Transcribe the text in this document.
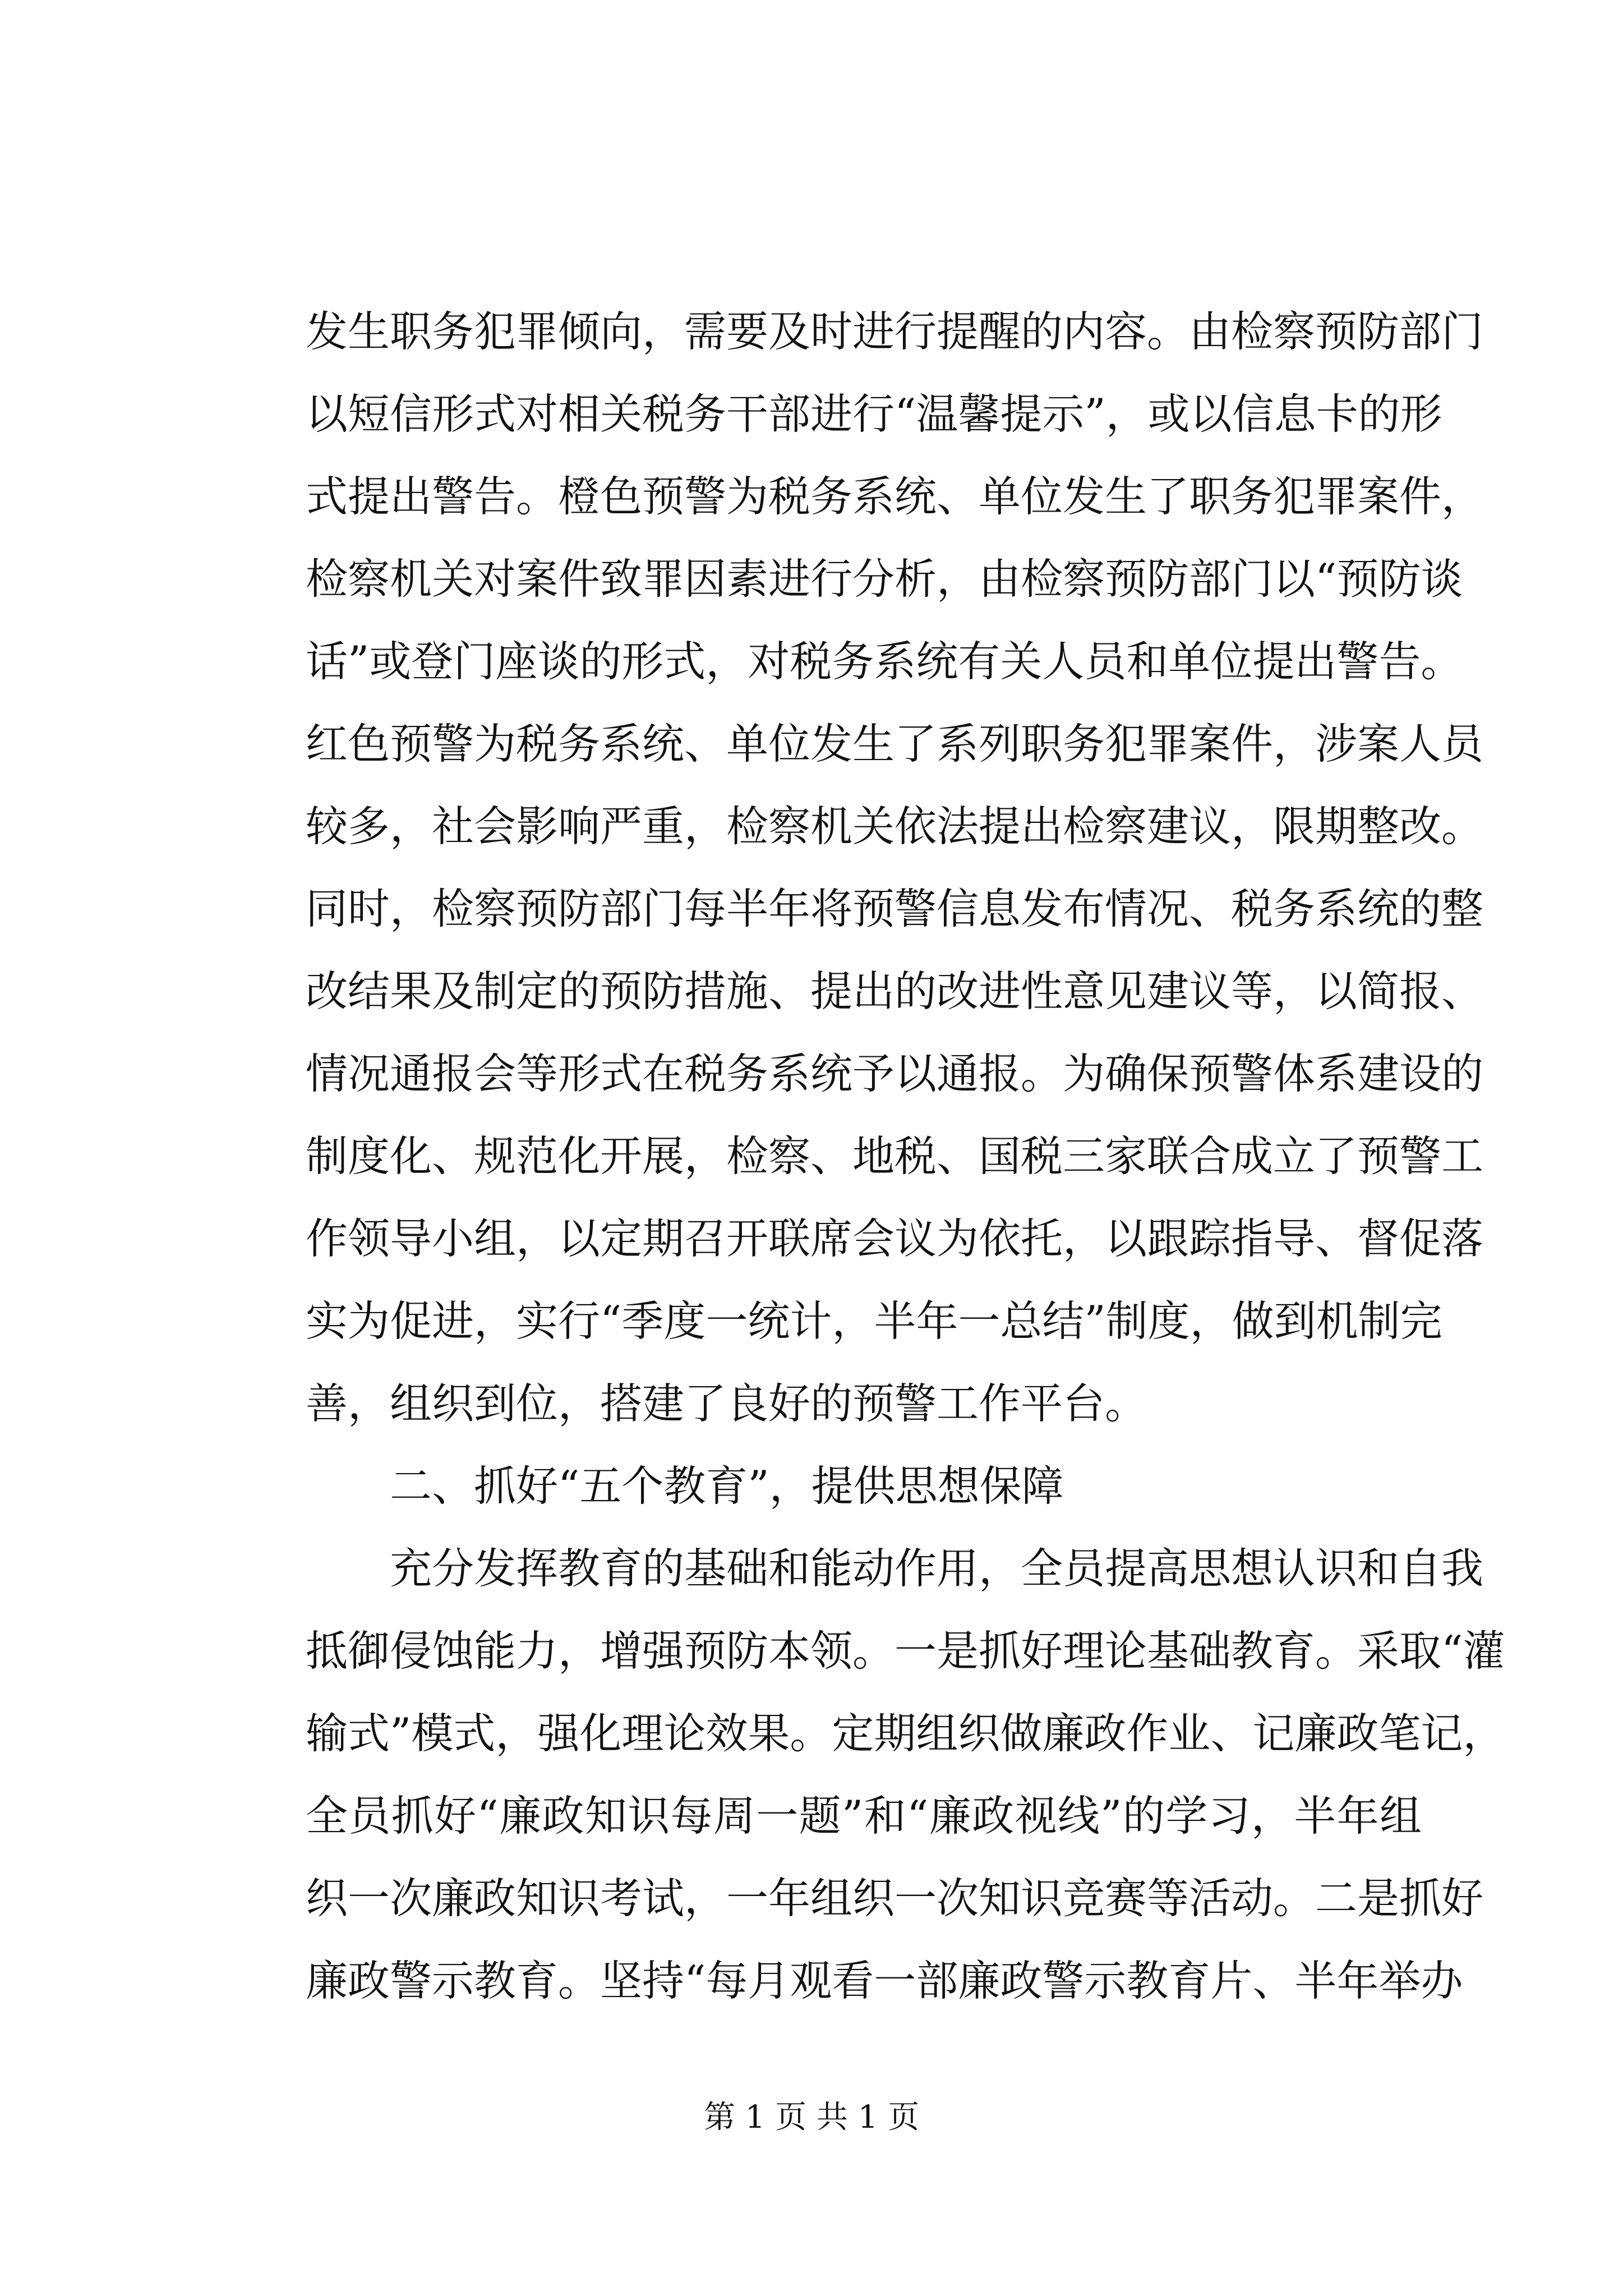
发生职务犯罪倾向，需要及时进行提醒的内容。由检察预防部门
以短信形式对相关税务干部进行“温馨提示”，或以信息卡的形
式提出警告。橙色预警为税务系统、单位发生了职务犯罪案件，
检察机关对案件致罪因素进行分析，由检察预防部门以“预防谈
话”或登门座谈的形式，对税务系统有关人员和单位提出警告。
红色预警为税务系统、单位发生了系列职务犯罪案件，涉案人员
较多，社会影响严重，检察机关依法提出检察建议，限期整改。
同时，检察预防部门每半年将预警信息发布情况、税务系统的整
改结果及制定的预防措施、提出的改进性意见建议等，以简报、
情况通报会等形式在税务系统予以通报。为确保预警体系建设的
制度化、规范化开展，检察、地税、国税三家联合成立了预警工
作领导小组，以定期召开联席会议为依托，以跟踪指导、督促落
实为促进，实行“季度一统计，半年一总结”制度，做到机制完
善，组织到位，搭建了良好的预警工作平台。
　　二、抓好“五个教育”，提供思想保障
　　充分发挥教育的基础和能动作用，全员提高思想认识和自我
抵御侵蚀能力，增强预防本领。一是抓好理论基础教育。采取“灌
输式”模式，强化理论效果。定期组织做廉政作业、记廉政笔记，
全员抓好“廉政知识每周一题”和“廉政视线”的学习，半年组
织一次廉政知识考试，一年组织一次知识竞赛等活动。二是抓好
廉政警示教育。坚持“每月观看一部廉政警示教育片、半年举办
第 1 页 共 1 页
